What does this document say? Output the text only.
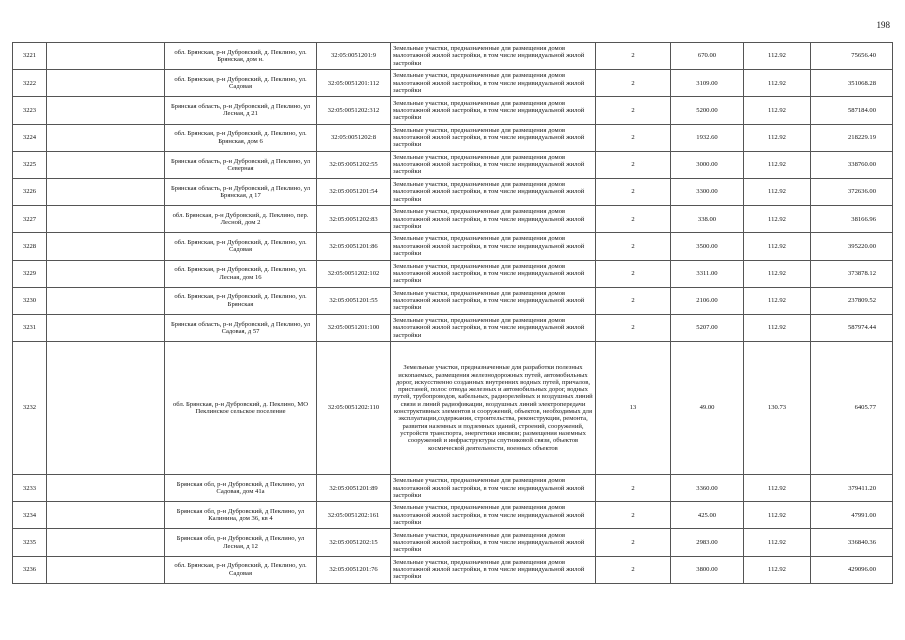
198
3221		обл. Брянская, р-н Дубровский, д. Пеклино, ул. Брянская, дом н.	32:05:0051201:9	Земельные участки, предназначенные для размещения домов малоэтажной жилой застройки, в том числе индивидуальной жилой застройки	2	670.00	112.92	75656.40
3222		обл. Брянская, р-н Дубровский, д. Пеклино, ул. Садовая	32:05:0051201:112	Земельные участки, предназначенные для размещения домов малоэтажной жилой застройки, в том числе индивидуальной жилой застройки	2	3109.00	112.92	351068.28
3223		Брянская область, р-н Дубровский, д Пеклино, ул Лесная, д 21	32:05:0051202:312	Земельные участки, предназначенные для размещения домов малоэтажной жилой застройки, в том числе индивидуальной жилой застройки	2	5200.00	112.92	587184.00
3224		обл. Брянская, р-н Дубровский, д. Пеклино, ул. Брянская, дом 6	32:05:0051202:8	Земельные участки, предназначенные для размещения домов малоэтажной жилой застройки, в том числе индивидуальной жилой застройки	2	1932.60	112.92	218229.19
3225		Брянская область, р-н Дубровский, д Пеклино, ул Северная	32:05:0051202:55	Земельные участки, предназначенные для размещения домов малоэтажной жилой застройки, в том числе индивидуальной жилой застройки	2	3000.00	112.92	338760.00
3226		Брянская область, р-н Дубровский, д Пеклино, ул Брянская, д 17	32:05:0051201:54	Земельные участки, предназначенные для размещения домов малоэтажной жилой застройки, в том числе индивидуальной жилой застройки	2	3300.00	112.92	372636.00
3227		обл. Брянская, р-н Дубровский, д. Пеклино, пер. Лесной, дом 2	32:05:0051202:83	Земельные участки, предназначенные для размещения домов малоэтажной жилой застройки, в том числе индивидуальной жилой застройки	2	338.00	112.92	38166.96
3228		обл. Брянская, р-н Дубровский, д. Пеклино, ул. Садовая	32:05:0051201:86	Земельные участки, предназначенные для размещения домов малоэтажной жилой застройки, в том числе индивидуальной жилой застройки	2	3500.00	112.92	395220.00
3229		обл. Брянская, р-н Дубровский, д. Пеклино, ул. Лесная, дом 16	32:05:0051202:102	Земельные участки, предназначенные для размещения домов малоэтажной жилой застройки, в том числе индивидуальной жилой застройки	2	3311.00	112.92	373878.12
3230		обл. Брянская, р-н Дубровский, д. Пеклино, ул. Брянская	32:05:0051201:55	Земельные участки, предназначенные для размещения домов малоэтажной жилой застройки, в том числе индивидуальной жилой застройки	2	2106.00	112.92	237809.52
3231		Брянская область, р-н Дубровский, д Пеклино, ул Садовая, д 57	32:05:0051201:100	Земельные участки, предназначенные для размещения домов малоэтажной жилой застройки, в том числе индивидуальной жилой застройки	2	5207.00	112.92	587974.44
3232		обл. Брянская, р-н Дубровский, д. Пеклино, МО Пеклинское сельское поселение	32:05:0051202:110	Земельные участки, предназначенные для разработки полезных ископаемых, размещения железнодорожных путей, автомобильных дорог, искусственно созданных внутренних водных путей, причалов, пристаней, полос отвода железных и автомобильных дорог, водных путей, трубопроводов, кабельных, радиорелейных и воздушных линий связи и линий радиофикации, воздушных линий электропередачи конструктивных элементов и сооружений, объектов, необходимых для эксплуатации,содержания, строительства, реконструкции, ремонта, развития наземных и подземных зданий, строений, сооружений, устройств транспорта, энергетики ивсвязи; размещения наземных сооружений и инфраструктуры спутниковой связи, объектов космической деятельности, военных объектов	13	49.00	130.73	6405.77
3233		Брянская обл, р-н Дубровский, д Пеклино, ул Садовая, дом 41а	32:05:0051201:89	Земельные участки, предназначенные для размещения домов малоэтажной жилой застройки, в том числе индивидуальной жилой застройки	2	3360.00	112.92	379411.20
3234		Брянская обл, р-н Дубровский, д Пеклино, ул Калинина, дом 36, кв 4	32:05:0051202:161	Земельные участки, предназначенные для размещения домов малоэтажной жилой застройки, в том числе индивидуальной жилой застройки	2	425.00	112.92	47991.00
3235		Брянская обл, р-н Дубровский, д Пеклино, ул Лесная, д 12	32:05:0051202:15	Земельные участки, предназначенные для размещения домов малоэтажной жилой застройки, в том числе индивидуальной жилой застройки	2	2983.00	112.92	336840.36
3236		обл. Брянская, р-н Дубровский, д. Пеклино, ул. Садовая	32:05:0051201:76	Земельные участки, предназначенные для размещения домов малоэтажной жилой застройки, в том числе индивидуальной жилой застройки	2	3800.00	112.92	429096.00
